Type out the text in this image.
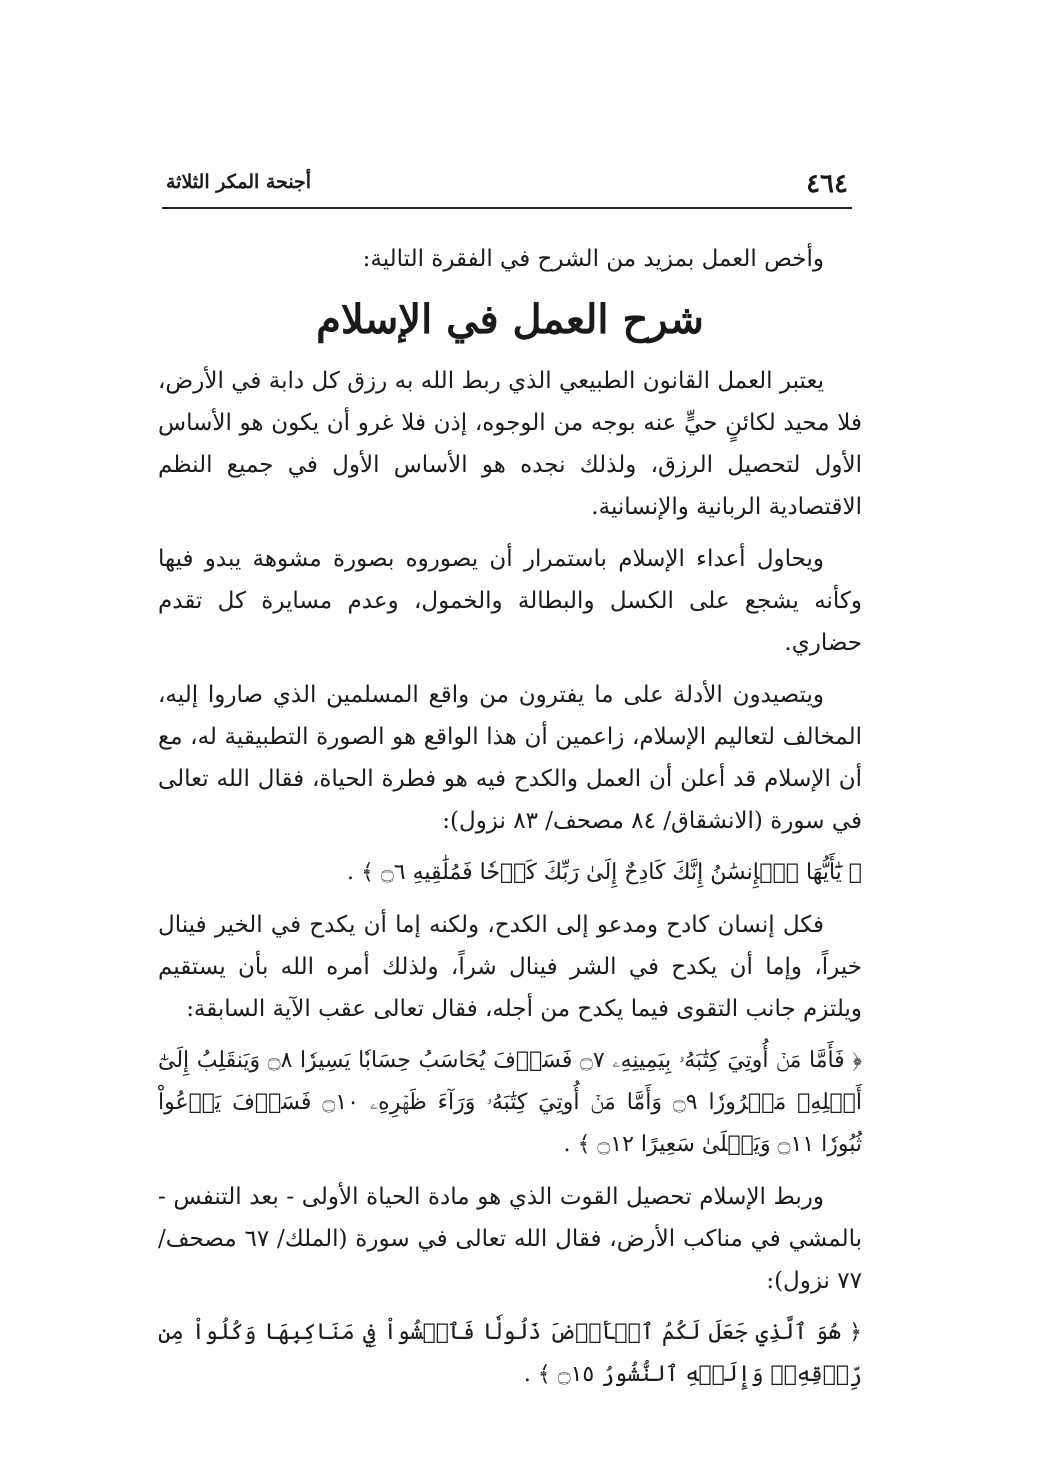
٤٦٤
أجنحة المكر الثلاثة

وأخص العمل بمزيد من الشرح في الفقرة التالية:

شرح العمل في الإسلام

يعتبر العمل القانون الطبيعي الذي ربط الله به رزق كل دابة في الأرض، فلا محيد لكائنٍ حيٍّ عنه بوجه من الوجوه، إذن فلا غرو أن يكون هو الأساس الأول لتحصيل الرزق، ولذلك نجده هو الأساس الأول في جميع النظم الاقتصادية الربانية والإنسانية.

ويحاول أعداء الإسلام باستمرار أن يصوروه بصورة مشوهة يبدو فيها وكأنه يشجع على الكسل والبطالة والخمول، وعدم مسايرة كل تقدم حضاري.

ويتصيدون الأدلة على ما يفترون من واقع المسلمين الذي صاروا إليه، المخالف لتعاليم الإسلام، زاعمين أن هذا الواقع هو الصورة التطبيقية له، مع أن الإسلام قد أعلن أن العمل والكدح فيه هو فطرة الحياة، فقال الله تعالى في سورة (الانشقاق/ ٨٤ مصحف/ ٨٣ نزول):

﴿ يَٰٓأَيُّهَا ٱلۡإِنسَٰنُ إِنَّكَ كَادِحٌ إِلَىٰ رَبِّكَ كَدۡحٗا فَمُلَٰقِيهِ ۝٦ ﴾ .

فكل إنسان كادح ومدعو إلى الكدح، ولكنه إما أن يكدح في الخير فينال خيراً، وإما أن يكدح في الشر فينال شراً، ولذلك أمره الله بأن يستقيم ويلتزم جانب التقوى فيما يكدح من أجله، فقال تعالى عقب الآية السابقة:

﴿ فَأَمَّا مَنۡ أُوتِيَ كِتَٰبَهُۥ بِيَمِينِهِۦ ۝٧ فَسَوۡفَ يُحَاسَبُ حِسَابٗا يَسِيرٗا ۝٨ وَيَنقَلِبُ إِلَىٰٓ أَهۡلِهِۦ مَسۡرُورٗا ۝٩ وَأَمَّا مَنۡ أُوتِيَ كِتَٰبَهُۥ وَرَآءَ ظَهۡرِهِۦ ۝١٠ فَسَوۡفَ يَدۡعُواْ ثُبُورٗا ۝١١ وَيَصۡلَىٰ سَعِيرًا ۝١٢ ﴾ .

وربط الإسلام تحصيل القوت الذي هو مادة الحياة الأولى - بعد التنفس - بالمشي في مناكب الأرض، فقال الله تعالى في سورة (الملك/ ٦٧ مصحف/ ٧٧ نزول):

﴿ هُوَ ٱلَّذِي جَعَلَ لَكُمُ ٱلۡأَرۡضَ ذَلُولٗا فَٱمۡشُواْ فِي مَنَاكِبِهَا وَكُلُواْ مِن رِّزۡقِهِۦۖ وَإِلَيۡهِ ٱلنُّشُورُ ۝١٥ ﴾ .
